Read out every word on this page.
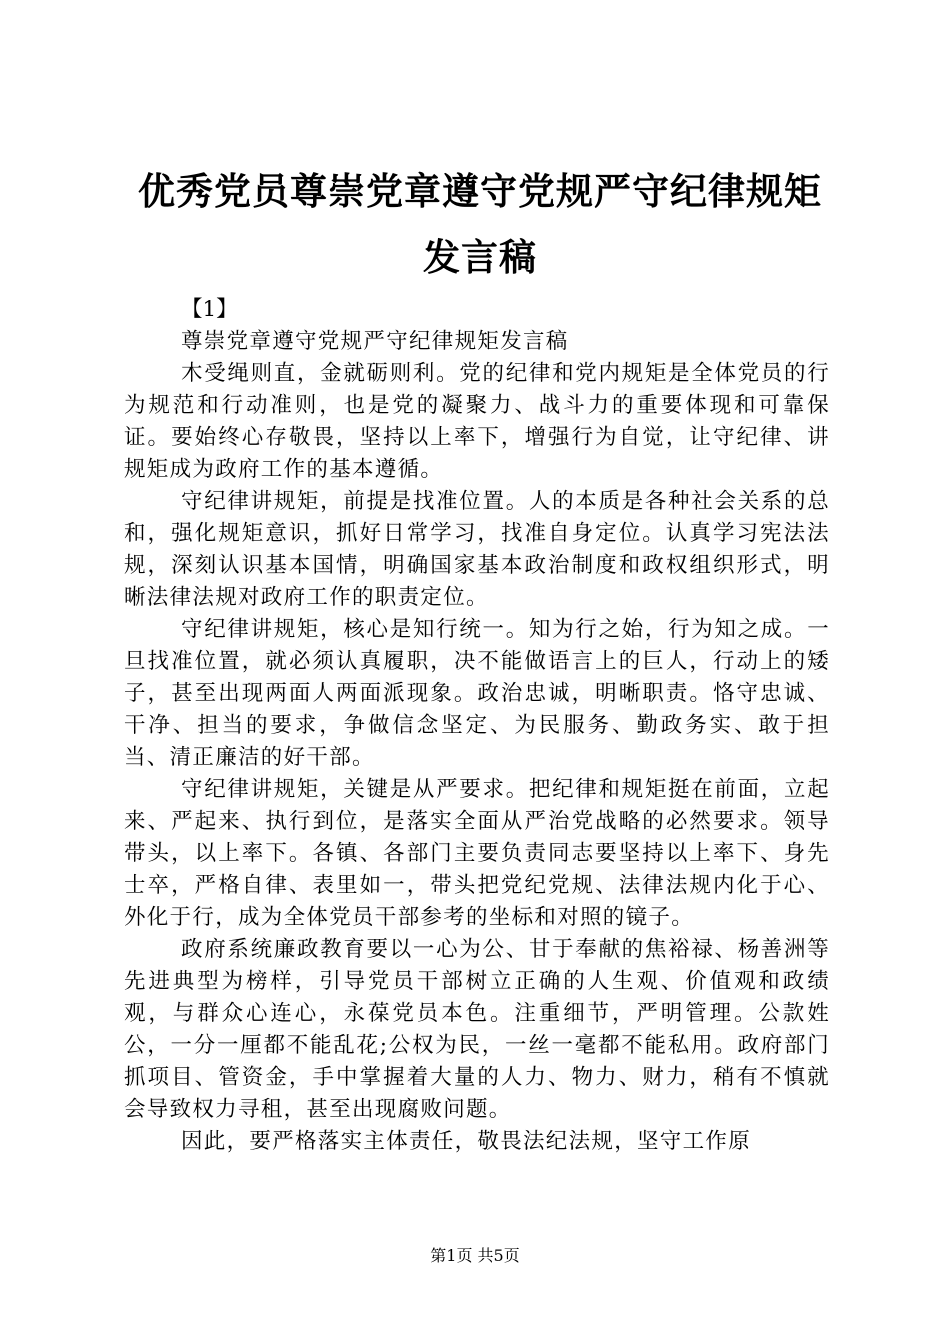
优秀党员尊崇党章遵守党规严守纪律规矩发言稿

【1】

尊崇党章遵守党规严守纪律规矩发言稿

木受绳则直，金就砺则利。党的纪律和党内规矩是全体党员的行为规范和行动准则，也是党的凝聚力、战斗力的重要体现和可靠保证。要始终心存敬畏，坚持以上率下，增强行为自觉，让守纪律、讲规矩成为政府工作的基本遵循。

守纪律讲规矩，前提是找准位置。人的本质是各种社会关系的总和，强化规矩意识，抓好日常学习，找准自身定位。认真学习宪法法规，深刻认识基本国情，明确国家基本政治制度和政权组织形式，明晰法律法规对政府工作的职责定位。

守纪律讲规矩，核心是知行统一。知为行之始，行为知之成。一旦找准位置，就必须认真履职，决不能做语言上的巨人，行动上的矮子，甚至出现两面人两面派现象。政治忠诚，明晰职责。恪守忠诚、干净、担当的要求，争做信念坚定、为民服务、勤政务实、敢于担当、清正廉洁的好干部。

守纪律讲规矩，关键是从严要求。把纪律和规矩挺在前面，立起来、严起来、执行到位，是落实全面从严治党战略的必然要求。领导带头，以上率下。各镇、各部门主要负责同志要坚持以上率下、身先士卒，严格自律、表里如一，带头把党纪党规、法律法规内化于心、外化于行，成为全体党员干部参考的坐标和对照的镜子。

政府系统廉政教育要以一心为公、甘于奉献的焦裕禄、杨善洲等先进典型为榜样，引导党员干部树立正确的人生观、价值观和政绩观，与群众心连心，永葆党员本色。注重细节，严明管理。公款姓公，一分一厘都不能乱花;公权为民，一丝一毫都不能私用。政府部门抓项目、管资金，手中掌握着大量的人力、物力、财力，稍有不慎就会导致权力寻租，甚至出现腐败问题。

因此，要严格落实主体责任，敬畏法纪法规，坚守工作原

第1页 共5页
